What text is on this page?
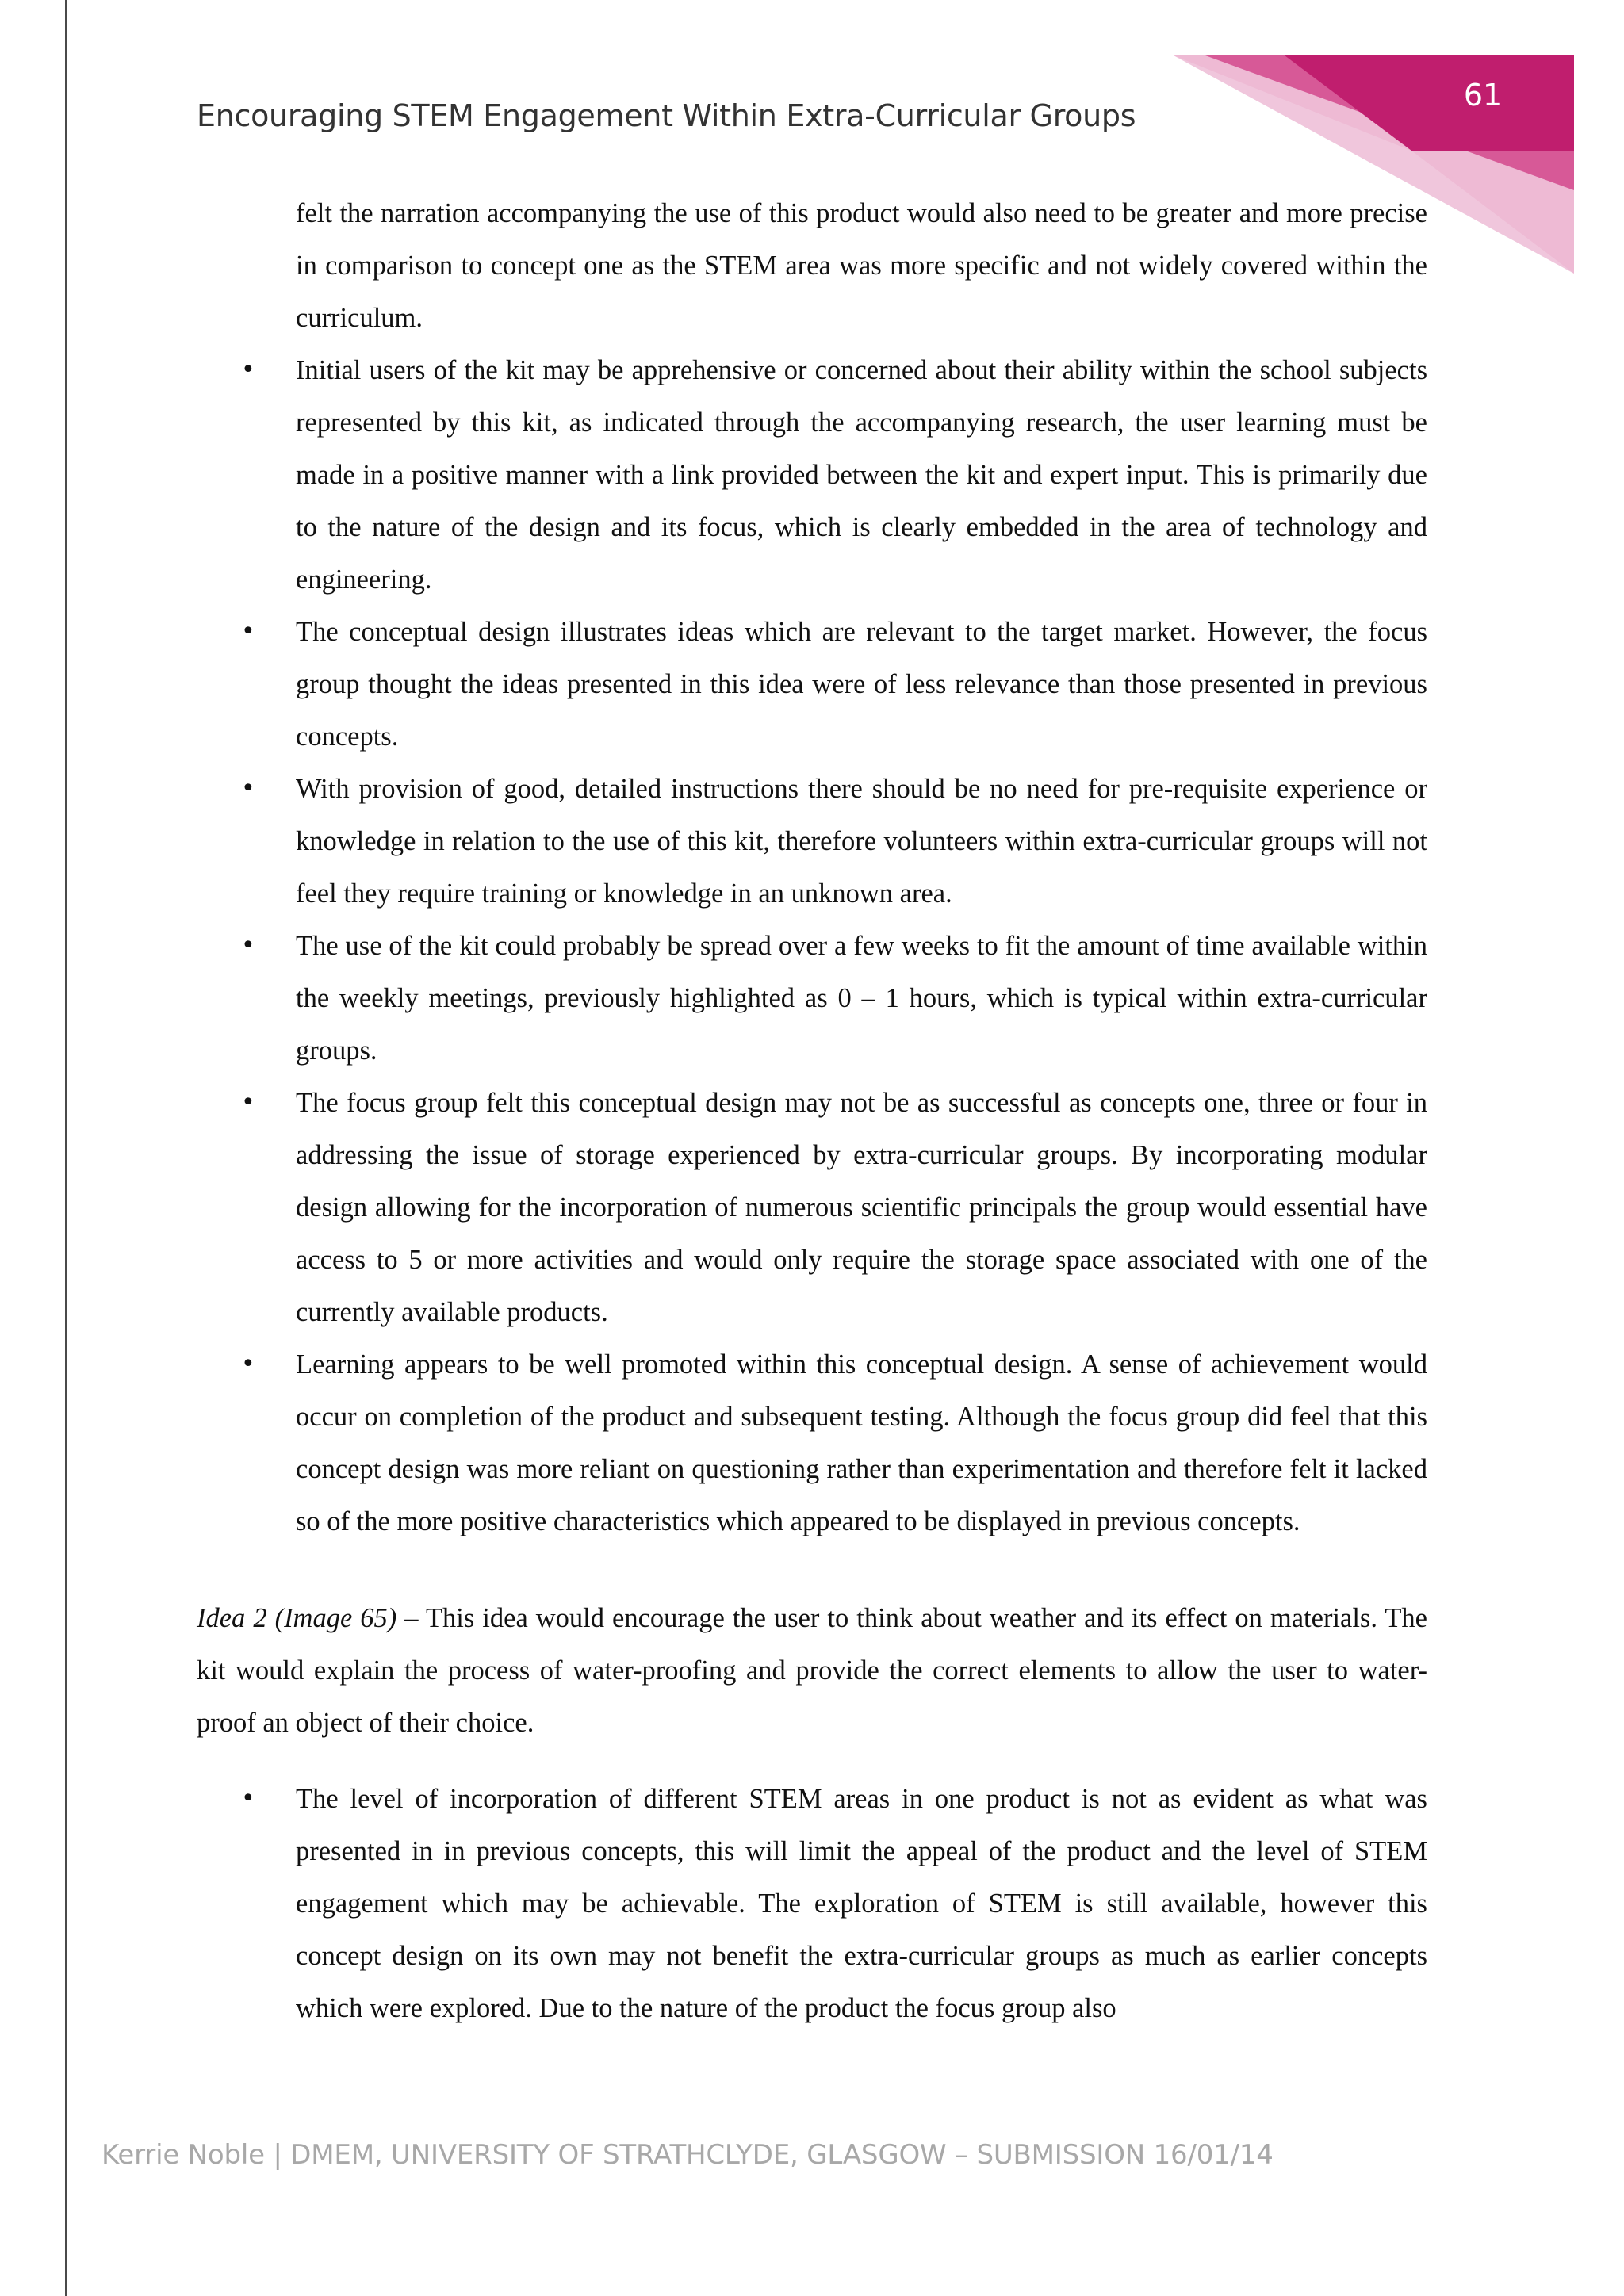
61
Encouraging STEM Engagement Within Extra-Curricular Groups

felt the narration accompanying the use of this product would also need to be greater and more precise in comparison to concept one as the STEM area was more specific and not widely covered within the curriculum.

• Initial users of the kit may be apprehensive or concerned about their ability within the school subjects represented by this kit, as indicated through the accompanying research, the user learning must be made in a positive manner with a link provided between the kit and expert input. This is primarily due to the nature of the design and its focus, which is clearly embedded in the area of technology and engineering.
• The conceptual design illustrates ideas which are relevant to the target market. However, the focus group thought the ideas presented in this idea were of less relevance than those presented in previous concepts.
• With provision of good, detailed instructions there should be no need for pre-requisite experience or knowledge in relation to the use of this kit, therefore volunteers within extra-curricular groups will not feel they require training or knowledge in an unknown area.
• The use of the kit could probably be spread over a few weeks to fit the amount of time available within the weekly meetings, previously highlighted as 0 – 1 hours, which is typical within extra-curricular groups.
• The focus group felt this conceptual design may not be as successful as concepts one, three or four in addressing the issue of storage experienced by extra-curricular groups. By incorporating modular design allowing for the incorporation of numerous scientific principals the group would essential have access to 5 or more activities and would only require the storage space associated with one of the currently available products.
• Learning appears to be well promoted within this conceptual design. A sense of achievement would occur on completion of the product and subsequent testing. Although the focus group did feel that this concept design was more reliant on questioning rather than experimentation and therefore felt it lacked so of the more positive characteristics which appeared to be displayed in previous concepts.

Idea 2 (Image 65) – This idea would encourage the user to think about weather and its effect on materials. The kit would explain the process of water-proofing and provide the correct elements to allow the user to water-proof an object of their choice.

• The level of incorporation of different STEM areas in one product is not as evident as what was presented in in previous concepts, this will limit the appeal of the product and the level of STEM engagement which may be achievable. The exploration of STEM is still available, however this concept design on its own may not benefit the extra-curricular groups as much as earlier concepts which were explored. Due to the nature of the product the focus group also
Kerrie Noble | DMEM, UNIVERSITY OF STRATHCLYDE, GLASGOW – SUBMISSION 16/01/14
